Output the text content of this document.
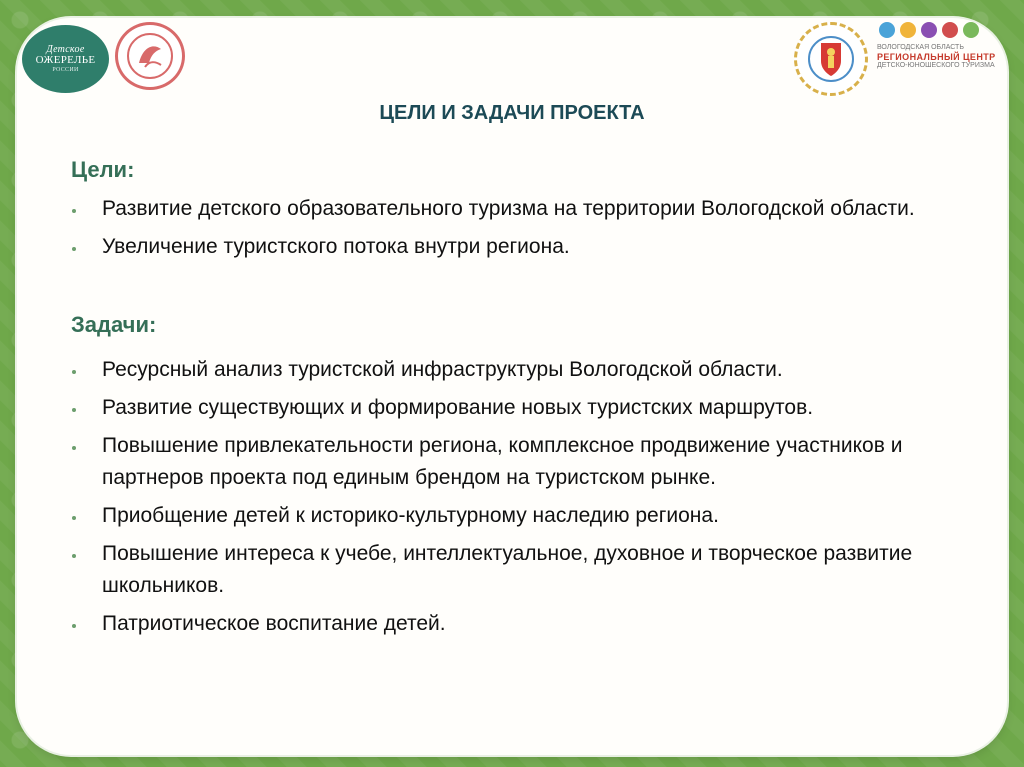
Детское
ОЖЕРЕЛЬЕ
РОССИИ
ВОЛОГОДСКАЯ ОБЛАСТЬ
РЕГИОНАЛЬНЫЙ ЦЕНТР
ДЕТСКО-ЮНОШЕСКОГО ТУРИЗМА
ЦЕЛИ И ЗАДАЧИ ПРОЕКТА
Цели:
Развитие детского образовательного туризма на территории Вологодской области.
Увеличение туристского потока внутри региона.
Задачи:
Ресурсный анализ туристской инфраструктуры Вологодской области.
Развитие существующих и формирование новых туристских маршрутов.
Повышение привлекательности региона, комплексное продвижение участников и партнеров проекта под единым брендом на туристском рынке.
Приобщение детей к историко-культурному наследию региона.
Повышение интереса к учебе, интеллектуальное, духовное и творческое развитие школьников.
Патриотическое воспитание детей.
